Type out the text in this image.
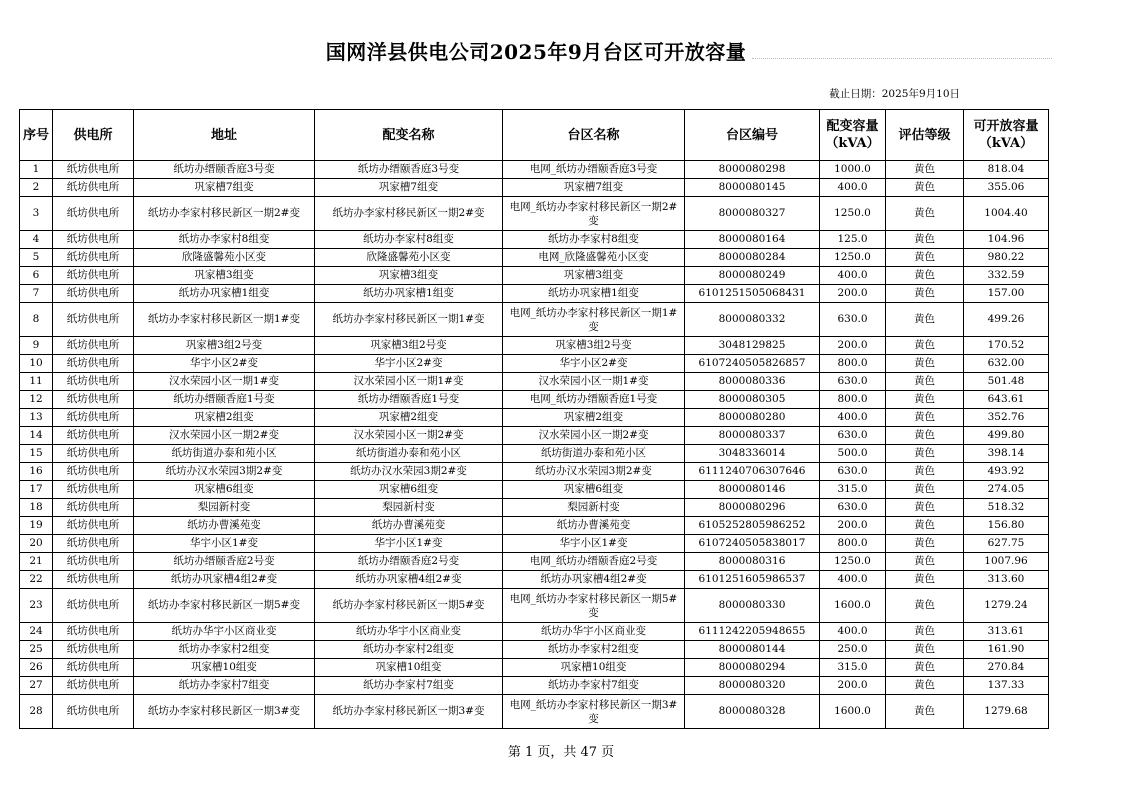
国网洋县供电公司2025年9月台区可开放容量
截止日期：2025年9月10日
序号	供电所	地址	配变名称	台区名称	台区编号	配变容量（kVA）	评估等级	可开放容量（kVA）
1	纸坊供电所	纸坊办缙颐香庭3号变	纸坊办缙颐香庭3号变	电网_纸坊办缙颐香庭3号变	8000080298	1000.0	黄色	818.04
2	纸坊供电所	巩家槽7组变	巩家槽7组变	巩家槽7组变	8000080145	400.0	黄色	355.06
3	纸坊供电所	纸坊办李家村移民新区一期2#变	纸坊办李家村移民新区一期2#变	电网_纸坊办李家村移民新区一期2#变	8000080327	1250.0	黄色	1004.40
4	纸坊供电所	纸坊办李家村8组变	纸坊办李家村8组变	纸坊办李家村8组变	8000080164	125.0	黄色	104.96
5	纸坊供电所	欣隆盛馨苑小区变	欣隆盛馨苑小区变	电网_欣隆盛馨苑小区变	8000080284	1250.0	黄色	980.22
6	纸坊供电所	巩家槽3组变	巩家槽3组变	巩家槽3组变	8000080249	400.0	黄色	332.59
7	纸坊供电所	纸坊办巩家槽1组变	纸坊办巩家槽1组变	纸坊办巩家槽1组变	6101251505068431	200.0	黄色	157.00
8	纸坊供电所	纸坊办李家村移民新区一期1#变	纸坊办李家村移民新区一期1#变	电网_纸坊办李家村移民新区一期1#变	8000080332	630.0	黄色	499.26
9	纸坊供电所	巩家槽3组2号变	巩家槽3组2号变	巩家槽3组2号变	3048129825	200.0	黄色	170.52
10	纸坊供电所	华宇小区2#变	华宇小区2#变	华宇小区2#变	6107240505826857	800.0	黄色	632.00
11	纸坊供电所	汉水荣园小区一期1#变	汉水荣园小区一期1#变	汉水荣园小区一期1#变	8000080336	630.0	黄色	501.48
12	纸坊供电所	纸坊办缙颐香庭1号变	纸坊办缙颐香庭1号变	电网_纸坊办缙颐香庭1号变	8000080305	800.0	黄色	643.61
13	纸坊供电所	巩家槽2组变	巩家槽2组变	巩家槽2组变	8000080280	400.0	黄色	352.76
14	纸坊供电所	汉水荣园小区一期2#变	汉水荣园小区一期2#变	汉水荣园小区一期2#变	8000080337	630.0	黄色	499.80
15	纸坊供电所	纸坊街道办泰和苑小区	纸坊街道办泰和苑小区	纸坊街道办泰和苑小区	3048336014	500.0	黄色	398.14
16	纸坊供电所	纸坊办汉水荣园3期2#变	纸坊办汉水荣园3期2#变	纸坊办汉水荣园3期2#变	6111240706307646	630.0	黄色	493.92
17	纸坊供电所	巩家槽6组变	巩家槽6组变	巩家槽6组变	8000080146	315.0	黄色	274.05
18	纸坊供电所	梨园新村变	梨园新村变	梨园新村变	8000080296	630.0	黄色	518.32
19	纸坊供电所	纸坊办曹溪苑变	纸坊办曹溪苑变	纸坊办曹溪苑变	6105252805986252	200.0	黄色	156.80
20	纸坊供电所	华宇小区1#变	华宇小区1#变	华宇小区1#变	6107240505838017	800.0	黄色	627.75
21	纸坊供电所	纸坊办缙颐香庭2号变	纸坊办缙颐香庭2号变	电网_纸坊办缙颐香庭2号变	8000080316	1250.0	黄色	1007.96
22	纸坊供电所	纸坊办巩家槽4组2#变	纸坊办巩家槽4组2#变	纸坊办巩家槽4组2#变	6101251605986537	400.0	黄色	313.60
23	纸坊供电所	纸坊办李家村移民新区一期5#变	纸坊办李家村移民新区一期5#变	电网_纸坊办李家村移民新区一期5#变	8000080330	1600.0	黄色	1279.24
24	纸坊供电所	纸坊办华宇小区商业变	纸坊办华宇小区商业变	纸坊办华宇小区商业变	6111242205948655	400.0	黄色	313.61
25	纸坊供电所	纸坊办李家村2组变	纸坊办李家村2组变	纸坊办李家村2组变	8000080144	250.0	黄色	161.90
26	纸坊供电所	巩家槽10组变	巩家槽10组变	巩家槽10组变	8000080294	315.0	黄色	270.84
27	纸坊供电所	纸坊办李家村7组变	纸坊办李家村7组变	纸坊办李家村7组变	8000080320	200.0	黄色	137.33
28	纸坊供电所	纸坊办李家村移民新区一期3#变	纸坊办李家村移民新区一期3#变	电网_纸坊办李家村移民新区一期3#变	8000080328	1600.0	黄色	1279.68
第 1 页，共 47 页
